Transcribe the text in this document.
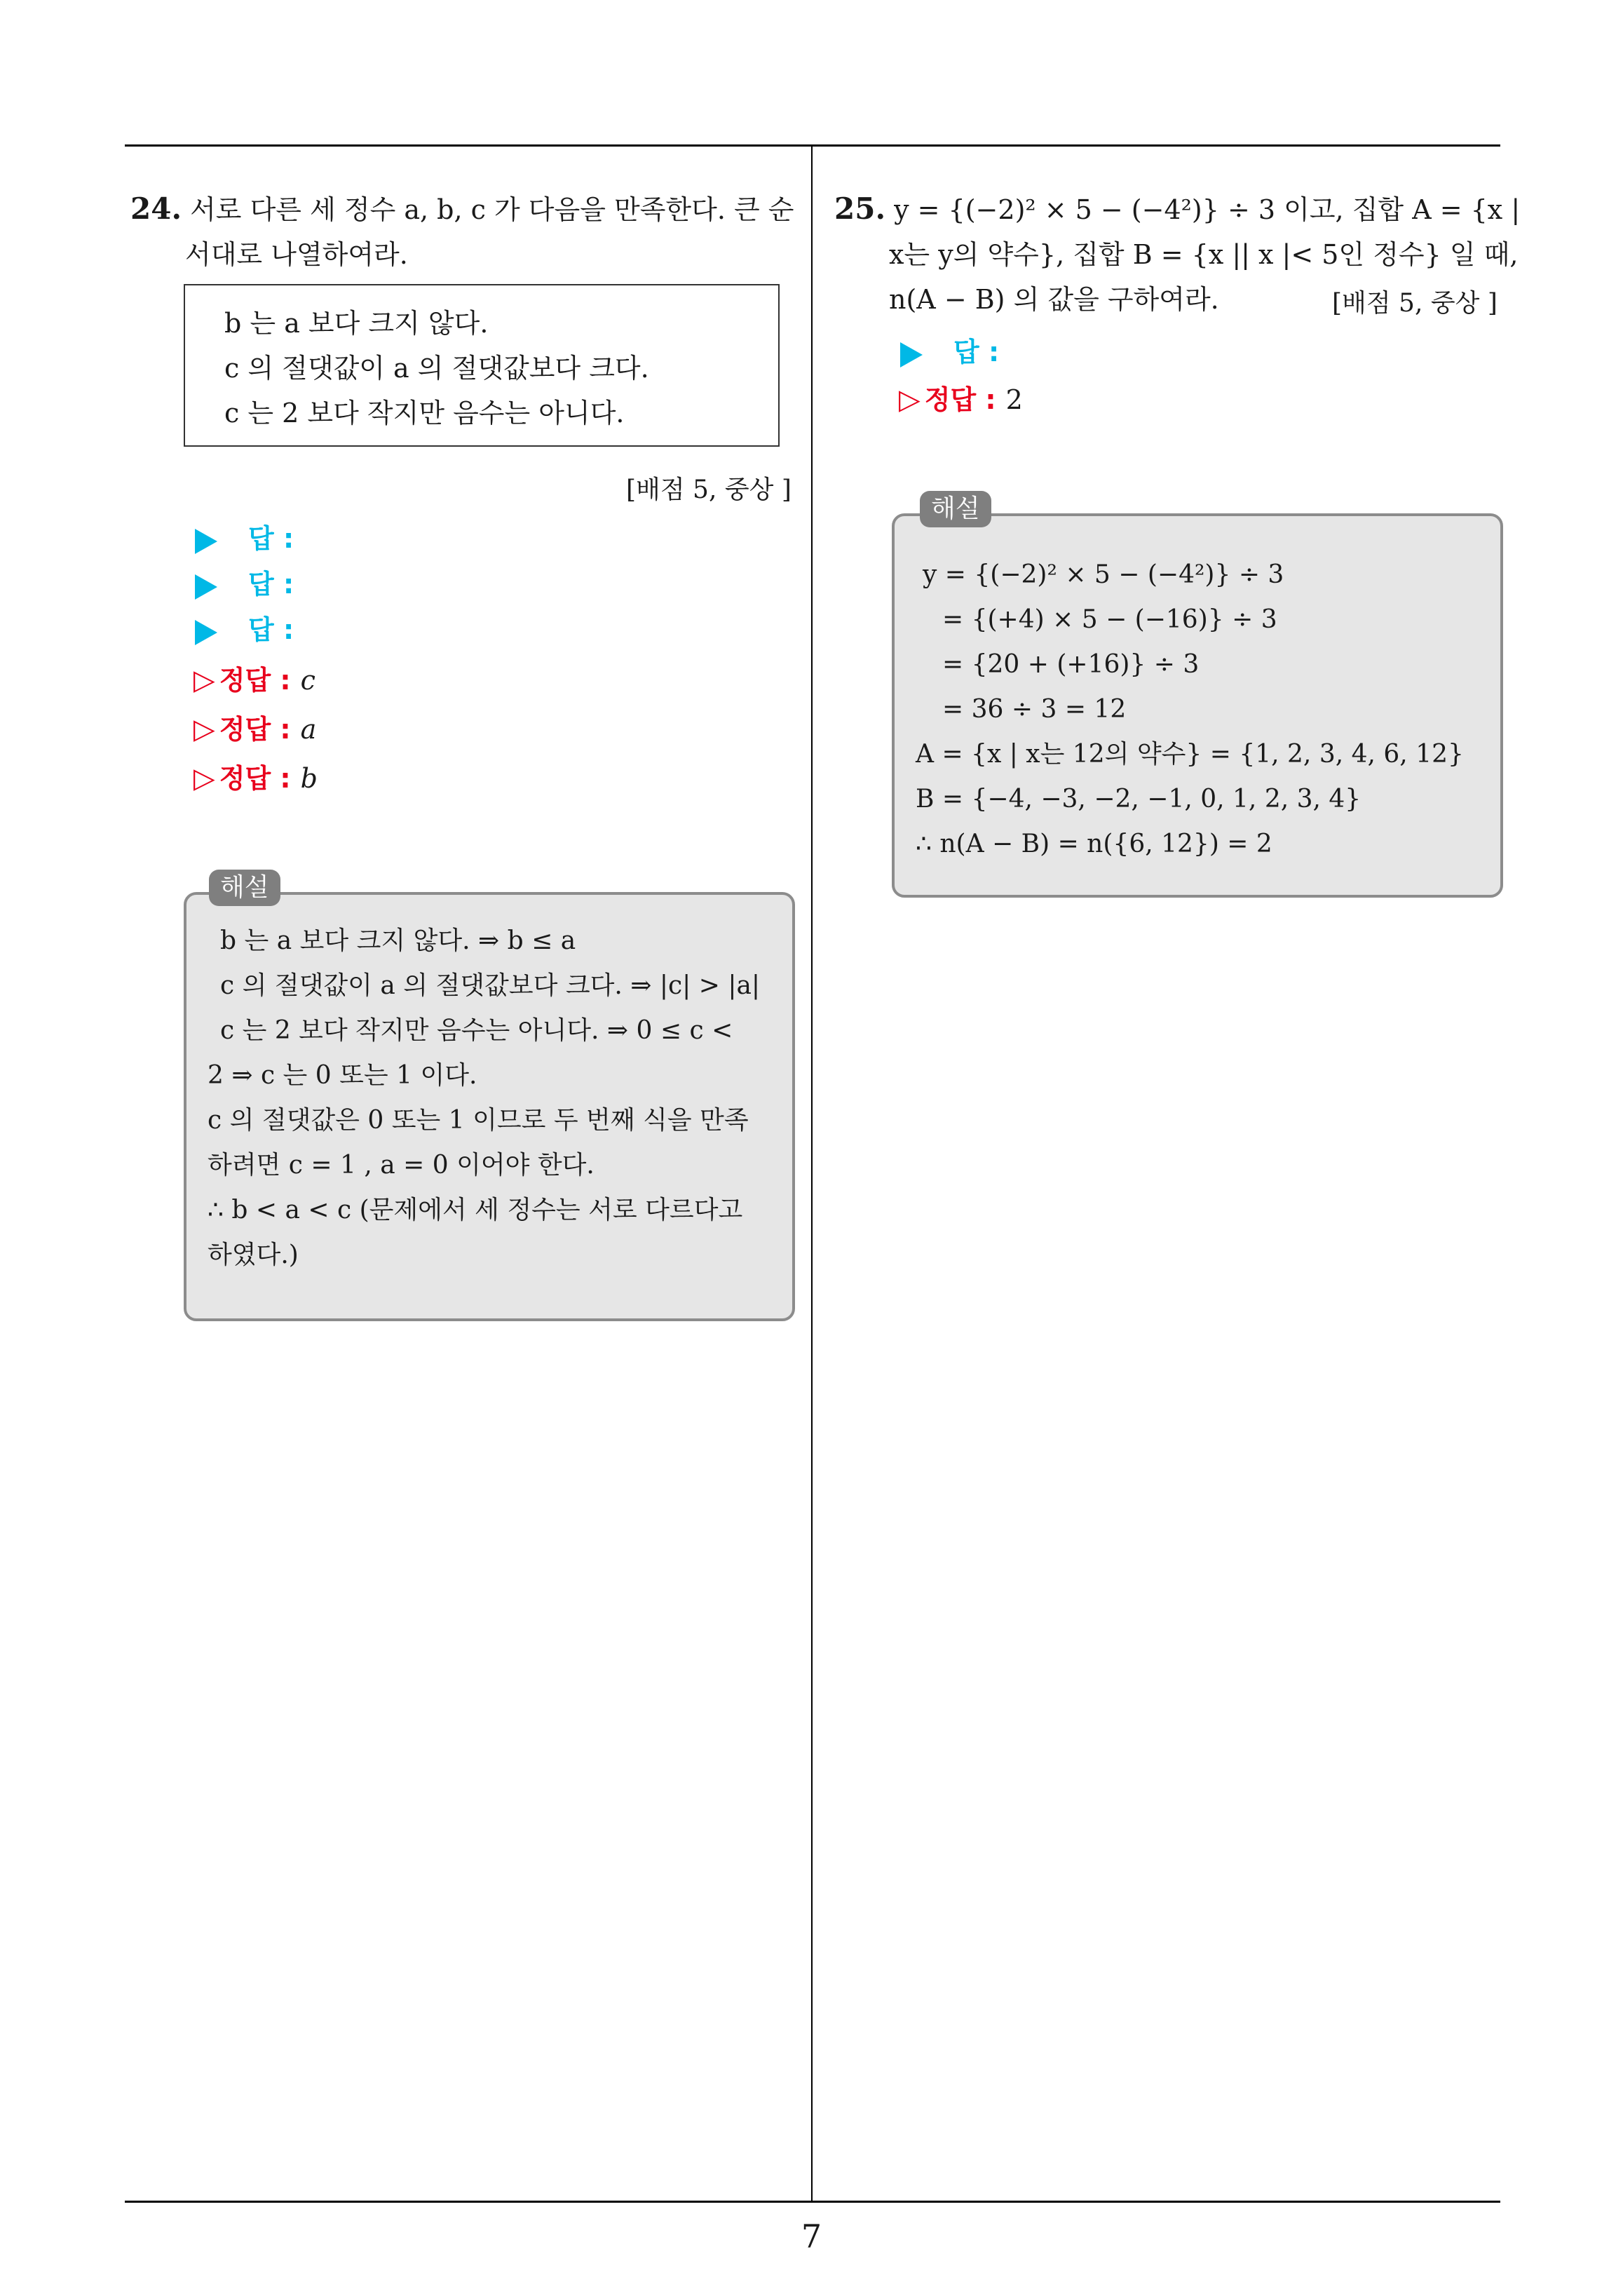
24. 서로 다른 세 정수 a, b, c 가 다음을 만족한다. 큰 순
서대로 나열하여라.
b 는 a 보다 크지 않다.
c 의 절댓값이 a 의 절댓값보다 크다.
c 는 2 보다 작지만 음수는 아니다.
[배점 5, 중상 ]
답 :
답 :
답 :
▷ 정답 : c
▷ 정답 : a
▷ 정답 : b
b 는 a 보다 크지 않다. ⇒ b ≤ a
c 의 절댓값이 a 의 절댓값보다 크다. ⇒ |c| > |a|
c 는 2 보다 작지만 음수는 아니다. ⇒ 0 ≤ c <
2 ⇒ c 는 0 또는 1 이다.
c 의 절댓값은 0 또는 1 이므로 두 번째 식을 만족
하려면 c = 1 , a = 0 이어야 한다.
∴ b < a < c (문제에서 세 정수는 서로 다르다고
하였다.)
해설
25. y = {(−2)² × 5 − (−4²)} ÷ 3 이고, 집합 A = {x |
x는 y의 약수}, 집합 B = {x || x |< 5인 정수} 일 때,
n(A − B) 의 값을 구하여라.	[배점 5, 중상 ]
답 :
▷ 정답 : 2
y = {(−2)² × 5 − (−4²)} ÷ 3
= {(+4) × 5 − (−16)} ÷ 3
= {20 + (+16)} ÷ 3
= 36 ÷ 3 = 12
A = {x | x는 12의 약수} = {1, 2, 3, 4, 6, 12}
B = {−4, −3, −2, −1, 0, 1, 2, 3, 4}
∴ n(A − B) = n({6, 12}) = 2
해설
7
